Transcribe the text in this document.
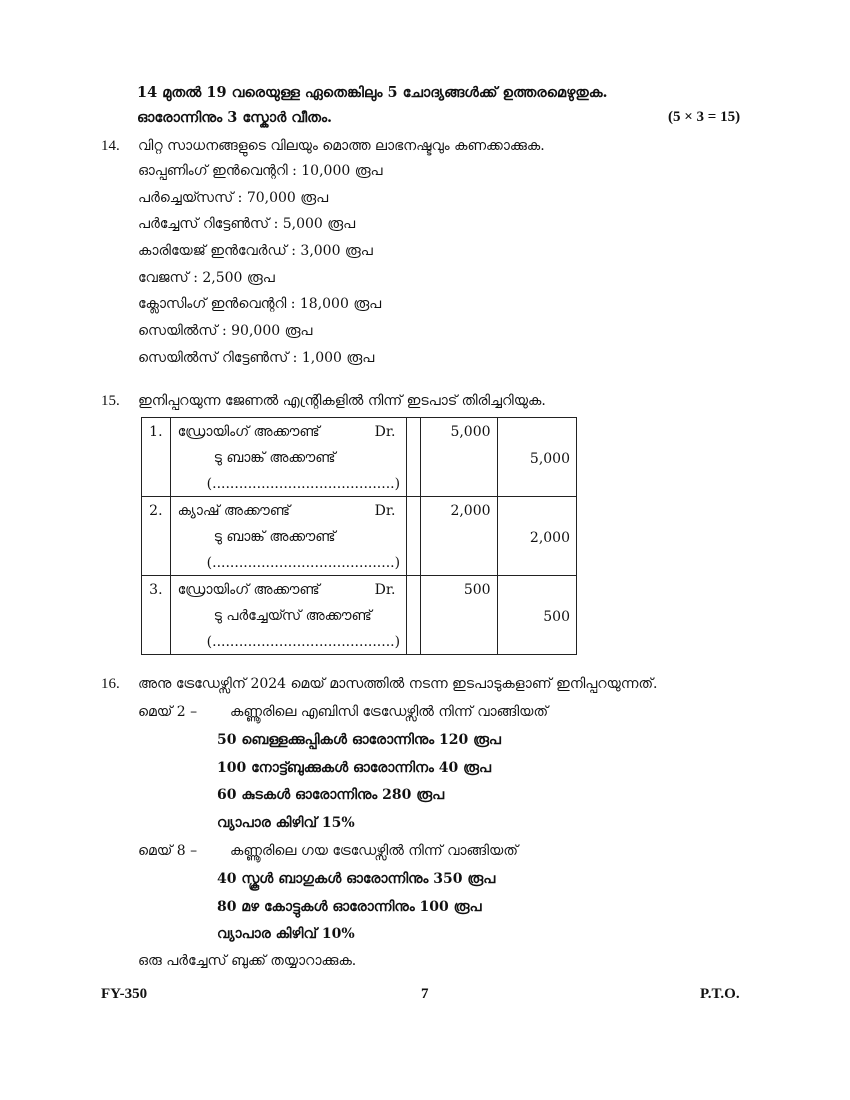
14 മുതൽ 19 വരെയുള്ള ഏതെങ്കിലും 5 ചോദ്യങ്ങൾക്ക് ഉത്തരമെഴുതുക.
ഓരോന്നിനും 3 സ്കോർ വീതം.	(5 × 3 = 15)
14. വിറ്റ സാധനങ്ങളുടെ വിലയും മൊത്ത ലാഭനഷ്ടവും കണക്കാക്കുക.
ഓപ്പണിംഗ് ഇൻവെന്ററി : 10,000 രൂപ
പർച്ചെയ്സസ് : 70,000 രൂപ
പർച്ചേസ് റിട്ടേൺസ് : 5,000 രൂപ
കാരിയേജ് ഇൻവേർഡ് : 3,000 രൂപ
വേജസ് : 2,500 രൂപ
ക്ലോസിംഗ് ഇൻവെന്ററി : 18,000 രൂപ
സെയിൽസ് : 90,000 രൂപ
സെയിൽസ് റിട്ടേൺസ് : 1,000 രൂപ
15. ഇനിപ്പറയുന്ന ജേണൽ എന്റ്രികളിൽ നിന്ന് ഇടപാട് തിരിച്ചറിയുക.
1.	ഡ്രോയിംഗ് അക്കൗണ്ട് Dr.
ടു ബാങ്ക് അക്കൗണ്ട്
(.........................................)		5,000	5,000

2.	ക്യാഷ് അക്കൗണ്ട് Dr.
ടു ബാങ്ക് അക്കൗണ്ട്
(.........................................)		2,000	2,000

3.	ഡ്രോയിംഗ് അക്കൗണ്ട് Dr.
ടു പർച്ചേയ്സ് അക്കൗണ്ട്
(.........................................)		500	500
16. അനു ട്രേഡേഴ്സിന് 2024 മെയ് മാസത്തിൽ നടന്ന ഇടപാടുകളാണ് ഇനിപ്പറയുന്നത്.
മെയ് 2 – കണ്ണൂരിലെ എബിസി ട്രേഡേഴ്സിൽ നിന്ന് വാങ്ങിയത്
50 ബെള്ളക്കുപ്പികൾ ഓരോന്നിനും 120 രൂപ
100 നോട്ട്ബുക്കുകൾ ഓരോന്നിനം 40 രൂപ
60 കുടകൾ ഓരോന്നിനും 280 രൂപ
വ്യാപാര കിഴിവ് 15%
മെയ് 8 – കണ്ണൂരിലെ ഗയ ട്രേഡേഴ്സിൽ നിന്ന് വാങ്ങിയത്
40 സ്കൂൾ ബാഗുകൾ ഓരോന്നിനും 350 രൂപ
80 മഴ കോട്ടുകൾ ഓരോന്നിനും 100 രൂപ
വ്യാപാര കിഴിവ് 10%
ഒരു പർച്ചേസ് ബുക്ക് തയ്യാറാക്കുക.
FY-350	7	P.T.O.
